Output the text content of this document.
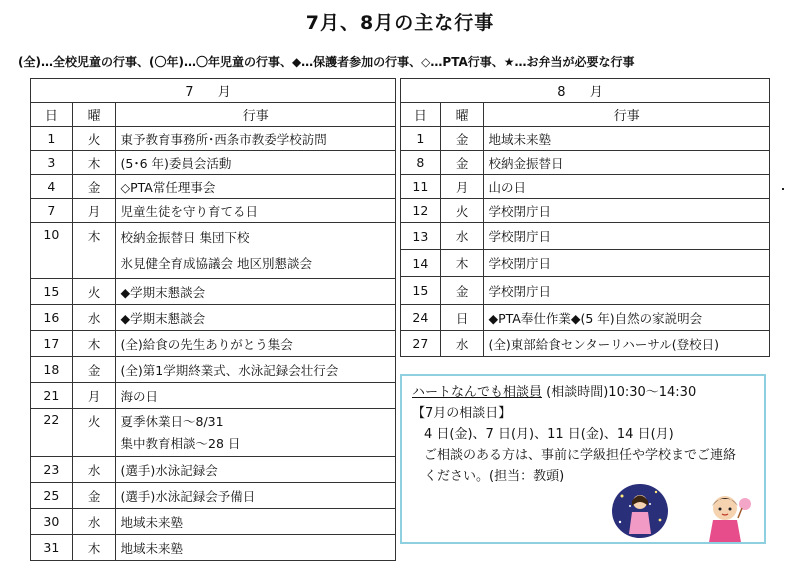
7月、8月の主な行事
(全)…全校児童の行事、(〇年)…〇年児童の行事、◆…保護者参加の行事、◇…PTA行事、★…お弁当が必要な行事
7 月		
日	曜	行事
1	火	東予教育事務所･西条市教委学校訪問
3	木	(5･6 年)委員会活動
4	金	◇PTA常任理事会
7	月	児童生徒を守り育てる日
10	木	校納金振替日 集団下校
氷見健全育成協議会 地区別懇談会

15	火	◆学期末懇談会
16	水	◆学期末懇談会
17	木	(全)給食の先生ありがとう集会
18	金	(全)第1学期終業式、水泳記録会壮行会
21	月	海の日
22	火	夏季休業日～8/31
集中教育相談～28 日

23	水	(選手)水泳記録会
25	金	(選手)水泳記録会予備日
30	水	地域未来塾
31	木	地域未来塾
8 月		
日	曜	行事
1	金	地域未来塾
8	金	校納金振替日
11	月	山の日
12	火	学校閉庁日
13	水	学校閉庁日
14	木	学校閉庁日
15	金	学校閉庁日
24	日	◆PTA奉仕作業◆(5 年)自然の家説明会
27	水	(全)東部給食センターリハーサル(登校日)
ハートなんでも相談員 (相談時間)10:30～14:30
【7月の相談日】
4 日(金)、7 日(月)、11 日(金)、14 日(月)
ご相談のある方は、事前に学級担任や学校までご連絡ください。(担当：教頭)
